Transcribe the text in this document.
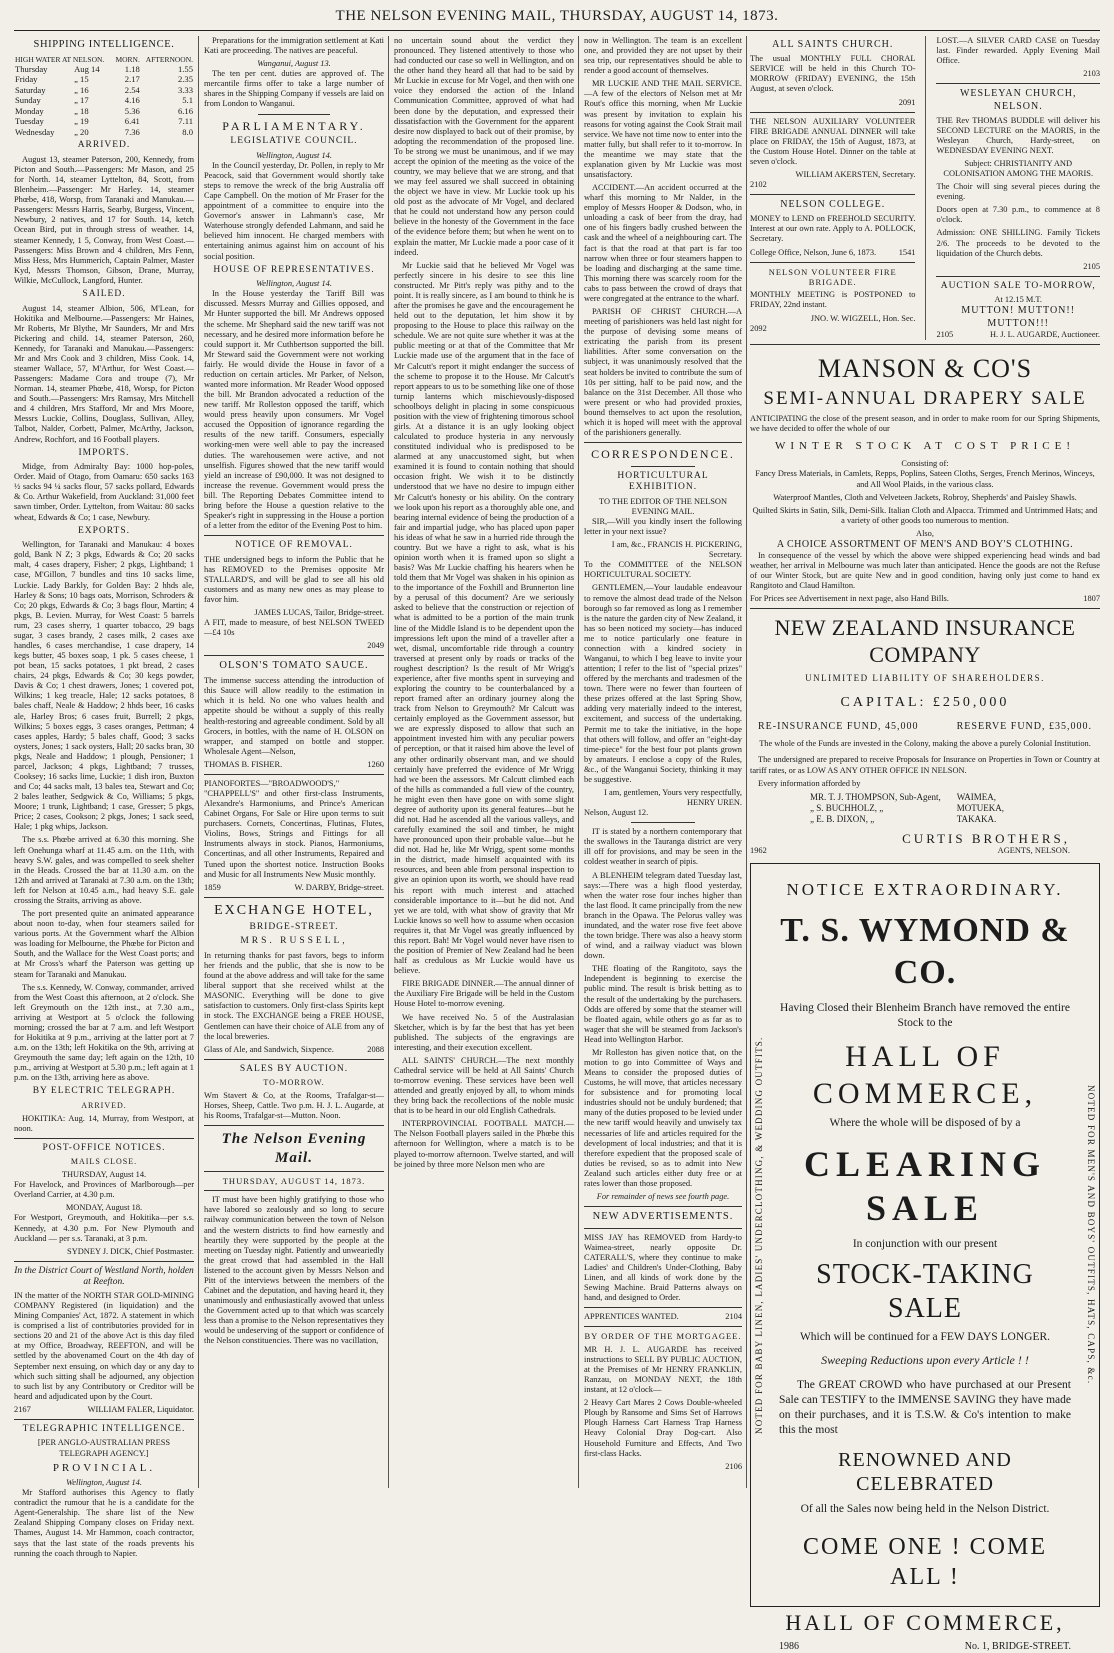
THE NELSON EVENING MAIL, THURSDAY, AUGUST 14, 1873.
SHIPPING INTELLIGENCE.
HIGH WATER AT NELSON.		MORN.	AFTERNOON.
Thursday	Aug 14	1.18	1.55
Friday	„ 15	2.17	2.35
Saturday	„ 16	2.54	3.33
Sunday	„ 17	4.16	5.1
Monday	„ 18	5.36	6.16
Tuesday	„ 19	6.41	7.11
Wednesday	„ 20	7.36	8.0
ARRIVED.

August 13, steamer Paterson, 200, Kennedy, from Picton and South.—Passengers: Mr Mason, and 25 for North. 14, steamer Lyttelton, 84, Scott, from Blenheim.—Passenger: Mr Harley. 14, steamer Phœbe, 418, Worsp, from Taranaki and Manukau.—Passengers: Messrs Harris, Searby, Burgess, Vincent, Newbury, 2 natives, and 17 for South. 14, ketch Ocean Bird, put in through stress of weather. 14, steamer Kennedy, 1 5, Conway, from West Coast.—Passengers: Miss Brown and 4 children, Mrs Fenn, Miss Hess, Mrs Hummerich, Captain Palmer, Master Kyd, Messrs Thomson, Gibson, Drane, Murray, Wilkie, McCullock, Langford, Hunter.

SAILED.

August 14, steamer Albion, 506, M'Lean, for Hokitika and Melbourne.—Passengers: Mr Haines, Mr Roberts, Mr Blythe, Mr Saunders, Mr and Mrs Pickering and child. 14, steamer Paterson, 260, Kennedy, for Taranaki and Manukau.—Passengers: Mr and Mrs Cook and 3 children, Miss Cook. 14, steamer Wallace, 57, M'Arthur, for West Coast.—Passengers: Madame Cora and troupe (7), Mr Norman. 14, steamer Phœbe, 418, Worsp, for Picton and South.—Passengers: Mrs Ramsay, Mrs Mitchell and 4 children, Mrs Stafford, Mr and Mrs Moore, Messrs Luckie, Collins, Douglass, Sullivan, Alley, Talbot, Nalder, Corbett, Palmer, McArthy, Jackson, Andrew, Rochfort, and 16 Football players.

IMPORTS.

Midge, from Admiralty Bay: 1000 hop-poles, Order. Maid of Otago, from Oamaru: 650 sacks 163 ½ sacks 94 ¼ sacks flour, 57 sacks pollard, Edwards & Co. Arthur Wakefield, from Auckland: 31,000 feet sawn timber, Order. Lyttelton, from Waitau: 80 sacks wheat, Edwards & Co; 1 case, Newbury.

EXPORTS.

Wellington, for Taranaki and Manukau: 4 boxes gold, Bank N Z; 3 pkgs, Edwards & Co; 20 sacks malt, 4 cases drapery, Fisher; 2 pkgs, Lightband; 1 case, M'Gillon, 7 bundles and tins 10 sacks lime, Luckie. Lady Barkly, for Golden Bay: 2 hhds ale, Harley & Sons; 10 bags oats, Morrison, Schroders & Co; 20 pkgs, Edwards & Co; 3 bags flour, Martin; 4 pkgs, B. Levien. Murray, for West Coast: 5 barrels rum, 23 cases sherry, 1 quarter tobacco, 29 bags sugar, 3 cases brandy, 2 cases milk, 2 cases axe handles, 6 cases merchandise, 1 case drapery, 14 kegs butter, 45 boxes soap, 1 pk. 5 cases cheese, 1 pot bean, 15 sacks potatoes, 1 pkt bread, 2 cases chairs, 24 pkgs, Edwards & Co; 30 kegs powder, Davis & Co; 1 chest drawers, Jones; 1 covered pot, Wilkins; 1 keg treacle, Hale; 12 sacks potatoes, 8 bales chaff, Neale & Haddow; 2 hhds beer, 16 casks ale, Harley Bros; 6 cases fruit, Burrell; 2 pkgs, Wilkins; 5 boxes eggs, 3 cases oranges, Pettman; 4 cases apples, Hardy; 5 bales chaff, Good; 3 sacks oysters, Jones; 1 sack oysters, Hall; 20 sacks bran, 30 pkgs, Neale and Haddow; 1 plough, Pensioner; 1 parcel, Jackson; 4 pkgs, Lightband; 7 trusses, Cooksey; 16 sacks lime, Luckie; 1 dish iron, Buxton and Co; 44 sacks malt, 13 bales tea, Stewart and Co; 2 bales leather, Sedgwick & Co, Williams; 5 pkgs, Moore; 1 trunk, Lightband; 1 case, Gresser; 5 pkgs, Price; 2 cases, Cookson; 2 pkgs, Jones; 1 sack seed, Hale; 1 pkg whips, Jackson.

The s.s. Phœbe arrived at 6.30 this morning. She left Onehunga wharf at 11.45 a.m. on the 11th, with heavy S.W. gales, and was compelled to seek shelter in the Heads. Crossed the bar at 11.30 a.m. on the 12th and arrived at Taranaki at 7.30 a.m. on the 13th; left for Nelson at 10.45 a.m., had heavy S.E. gale crossing the Straits, arriving as above.

The port presented quite an animated appearance about noon to-day, when four steamers sailed for various ports. At the Government wharf the Albion was loading for Melbourne, the Phœbe for Picton and South, and the Wallace for the West Coast ports; and at Mr Cross's wharf the Paterson was getting up steam for Taranaki and Manukau.

The s.s. Kennedy, W. Conway, commander, arrived from the West Coast this afternoon, at 2 o'clock. She left Greymouth on the 12th inst., at 7.30 a.m., arriving at Westport at 5 o'clock the following morning; crossed the bar at 7 a.m. and left Westport for Hokitika at 9 p.m., arriving at the latter port at 7 a.m. on the 13th; left Hokitika on the 9th, arriving at Greymouth the same day; left again on the 12th, 10 p.m., arriving at Westport at 5.30 p.m.; left again at 1 p.m. on the 13th, arriving here as above.

BY ELECTRIC TELEGRAPH.
ARRIVED.

HOKITIKA: Aug. 14, Murray, from Westport, at noon.

POST-OFFICE NOTICES.
MAILS CLOSE.
THURSDAY, August 14.

For Havelock, and Provinces of Marlborough—per Overland Carrier, at 4.30 p.m.

MONDAY, August 18.

For Westport, Greymouth, and Hokitika—per s.s. Kennedy, at 4.30 p.m. For New Plymouth and Auckland — per s.s. Taranaki, at 3 p.m.

SYDNEY J. DICK, Chief Postmaster.
In the District Court of Westland North, holden at Reefton.

IN the matter of the NORTH STAR GOLD-MINING COMPANY Registered (in liquidation) and the Mining Companies' Act, 1872. A statement in which is comprised a list of contributories provided for in sections 20 and 21 of the above Act is this day filed at my Office, Broadway, REEFTON, and will be settled by the abovenamed Court on the 4th day of September next ensuing, on which day or any day to which such sitting shall be adjourned, any objection to such list by any Contributory or Creditor will be heard and adjudicated upon by the Court.

2167	WILLIAM FALER, Liquidator.
TELEGRAPHIC INTELLIGENCE.
[PER ANGLO-AUSTRALIAN PRESS TELEGRAPH AGENCY.]
PROVINCIAL.
Wellington, August 14.

Mr Stafford authorises this Agency to flatly contradict the rumour that he is a candidate for the Agent-Generalship. The share list of the New Zealand Shipping Company closes on Friday next. Thames, August 14. Mr Hammon, coach contractor, says that the last state of the roads prevents his running the coach through to Napier.

Preparations for the immigration settlement at Kati Kati are proceeding. The natives are peaceful.

Wanganui, August 13.

The ten per cent. duties are approved of. The mercantile firms offer to take a large number of shares in the Shipping Company if vessels are laid on from London to Wanganui.

PARLIAMENTARY.
LEGISLATIVE COUNCIL.
Wellington, August 14.

In the Council yesterday, Dr. Pollen, in reply to Mr Peacock, said that Government would shortly take steps to remove the wreck of the brig Australia off Cape Campbell. On the motion of Mr Fraser for the appointment of a committee to enquire into the Governor's answer in Lahmann's case, Mr Waterhouse strongly defended Lahmann, and said he believed him innocent. He charged members with entertaining animus against him on account of his social position.

HOUSE OF REPRESENTATIVES.
Wellington, August 14.

In the House yesterday the Tariff Bill was discussed. Messrs Murray and Gillies opposed, and Mr Hunter supported the bill. Mr Andrews opposed the scheme. Mr Shephard said the new tariff was not necessary, and he desired more information before he could support it. Mr Cuthbertson supported the bill. Mr Steward said the Government were not working fairly. He would divide the House in favor of a reduction on certain articles. Mr Parker, of Nelson, wanted more information. Mr Reader Wood opposed the bill. Mr Brandon advocated a reduction of the new tariff. Mr Rolleston opposed the tariff, which would press heavily upon consumers. Mr Vogel accused the Opposition of ignorance regarding the results of the new tariff. Consumers, especially working-men were well able to pay the increased duties. The warehousemen were active, and not unselfish. Figures showed that the new tariff would yield an increase of £90,000. It was not designed to increase the revenue. Government would press the bill. The Reporting Debates Committee intend to bring before the House a question relative to the Speaker's right in suppressing in the House a portion of a letter from the editor of the Evening Post to him.

NOTICE OF REMOVAL.

THE undersigned begs to inform the Public that he has REMOVED to the Premises opposite Mr STALLARD'S, and will be glad to see all his old customers and as many new ones as may please to favor him.

JAMES LUCAS, Tailor, Bridge-street.

A FIT, made to measure, of best NELSON TWEED—£4 10s

2049
OLSON'S TOMATO SAUCE.

The immense success attending the introduction of this Sauce will allow readily to the estimation in which it is held. No one who values health and appetite should be without a supply of this really health-restoring and agreeable condiment. Sold by all Grocers, in bottles, with the name of H. OLSON on wrapper, and stamped on bottle and stopper. Wholesale Agent—Nelson,

THOMAS B. FISHER.	1260

PIANOFORTES—"BROADWOOD'S," "CHAPPELL'S" and other first-class Instruments, Alexandre's Harmoniums, and Prince's American Cabinet Organs, For Sale or Hire upon terms to suit purchasers. Cornets, Concertinas, Flutinas, Flutes, Violins, Bows, Strings and Fittings for all Instruments always in stock. Pianos, Harmoniums, Concertinas, and all other Instruments, Repaired and Tuned upon the shortest notice. Instruction Books and Music for all Instruments New Music monthly.

1859	W. DARBY, Bridge-street.
EXCHANGE HOTEL,
BRIDGE-STREET.
MRS. RUSSELL,

In returning thanks for past favors, begs to inform her friends and the public, that she is now to be found at the above address and will take for the same liberal support that she received whilst at the MASONIC. Everything will be done to give satisfaction to customers. Only first-class Spirits kept in stock. The EXCHANGE being a FREE HOUSE, Gentlemen can have their choice of ALE from any of the local breweries.

Glass of Ale, and Sandwich, Sixpence.	2088
SALES BY AUCTION.
TO-MORROW.

Wm Stavert & Co, at the Rooms, Trafalgar-st—Horses, Sheep, Cattle. Two p.m. H. J. L. Augarde, at his Rooms, Trafalgar-st—Mutton. Noon.

The Nelson Evening Mail.
THURSDAY, AUGUST 14, 1873.

IT must have been highly gratifying to those who have labored so zealously and so long to secure railway communication between the town of Nelson and the western districts to find how earnestly and heartily they were supported by the people at the meeting on Tuesday night. Patiently and unweariedly the great crowd that had assembled in the Hall listened to the account given by Messrs Nelson and Pitt of the interviews between the members of the Cabinet and the deputation, and having heard it, they unanimously and enthusiastically avowed that unless the Government acted up to that which was scarcely less than a promise to the Nelson representatives they would be undeserving of the support or confidence of the Nelson constituencies. There was no vacillation,

no uncertain sound about the verdict they pronounced. They listened attentively to those who had conducted our case so well in Wellington, and on the other hand they heard all that had to be said by Mr Luckie in excuse for Mr Vogel, and then with one voice they endorsed the action of the Inland Communication Committee, approved of what had been done by the deputation, and expressed their dissatisfaction with the Government for the apparent desire now displayed to back out of their promise, by adopting the recommendation of the proposed line. To be strong we must be unanimous, and if we may accept the opinion of the meeting as the voice of the country, we may believe that we are strong, and that we may feel assured we shall succeed in obtaining the object we have in view. Mr Luckie took up his old post as the advocate of Mr Vogel, and declared that he could not understand how any person could believe in the honesty of the Government in the face of the evidence before them; but when he went on to explain the matter, Mr Luckie made a poor case of it indeed.

Mr Luckie said that he believed Mr Vogel was perfectly sincere in his desire to see this line constructed. Mr Pitt's reply was pithy and to the point. It is really sincere, as I am bound to think he is after the promises he gave and the encouragement he held out to the deputation, let him show it by proposing to the House to place this railway on the schedule. We are not quite sure whether it was at the public meeting or at that of the Committee that Mr Luckie made use of the argument that in the face of Mr Calcutt's report it might endanger the success of the scheme to propose it to the House. Mr Calcutt's report appears to us to be something like one of those turnip lanterns which mischievously-disposed schoolboys delight in placing in some conspicuous position with the view of frightening timorous school girls. At a distance it is an ugly looking object calculated to produce hysteria in any nervously constituted individual who is predisposed to be alarmed at any unaccustomed sight, but when examined it is found to contain nothing that should occasion fright. We wish it to be distinctly understood that we have no desire to impugn either Mr Calcutt's honesty or his ability. On the contrary we look upon his report as a thoroughly able one, and bearing internal evidence of being the production of a fair and impartial judge, who has placed upon paper his ideas of what he saw in a hurried ride through the country. But we have a right to ask, what is his opinion worth when it is framed upon so slight a basis? Was Mr Luckie chaffing his hearers when he told them that Mr Vogel was shaken in his opinion as to the importance of the Foxhill and Brunnerton line by a perusal of this document? Are we seriously asked to believe that the construction or rejection of what is admitted to be a portion of the main trunk line of the Middle Island is to be dependent upon the impressions left upon the mind of a traveller after a wet, dismal, uncomfortable ride through a country traversed at present only by roads or tracks of the roughest description? Is the result of Mr Wrigg's experience, after five months spent in surveying and exploring the country to be counterbalanced by a report framed after an ordinary journey along the track from Nelson to Greymouth? Mr Calcutt was certainly employed as the Government assessor, but we are expressly disposed to allow that such an appointment invested him with any peculiar powers of perception, or that it raised him above the level of any other ordinarily observant man, and we should certainly have preferred the evidence of Mr Wrigg had we been the assessors. Mr Calcutt climbed each of the hills as commanded a full view of the country, he might even then have gone on with some slight degree of authority upon its general features—but he did not. Had he ascended all the various valleys, and carefully examined the soil and timber, he might have pronounced upon their probable value—but he did not. Had he, like Mr Wrigg, spent some months in the district, made himself acquainted with its resources, and been able from personal inspection to give an opinion upon its worth, we should have read his report with much interest and attached considerable importance to it—but he did not. And yet we are told, with what show of gravity that Mr Luckie knows so well how to assume when occasion requires it, that Mr Vogel was greatly influenced by this report. Bah! Mr Vogel would never have risen to the position of Premier of New Zealand had he been half as credulous as Mr Luckie would have us believe.

FIRE BRIGADE DINNER.—The annual dinner of the Auxiliary Fire Brigade will be held in the Custom House Hotel to-morrow evening.

We have received No. 5 of the Australasian Sketcher, which is by far the best that has yet been published. The subjects of the engravings are interesting, and their execution excellent.

ALL SAINTS' CHURCH.—The next monthly Cathedral service will be held at All Saints' Church to-morrow evening. These services have been well attended and greatly enjoyed by all, to whom minds they bring back the recollections of the noble music that is to be heard in our old English Cathedrals.

INTERPROVINCIAL FOOTBALL MATCH.—The Nelson Football players sailed in the Phœbe this afternoon for Wellington, where a match is to be played to-morrow afternoon. Twelve started, and will be joined by three more Nelson men who are

now in Wellington. The team is an excellent one, and provided they are not upset by their sea trip, our representatives should be able to render a good account of themselves.

MR LUCKIE AND THE MAIL SERVICE.—A few of the electors of Nelson met at Mr Rout's office this morning, when Mr Luckie was present by invitation to explain his reasons for voting against the Cook Strait mail service. We have not time now to enter into the matter fully, but shall refer to it to-morrow. In the meantime we may state that the explanation given by Mr Luckie was most unsatisfactory.

ACCIDENT.—An accident occurred at the wharf this morning to Mr Nalder, in the employ of Messrs Hooper & Dodson, who, in unloading a cask of beer from the dray, had one of his fingers badly crushed between the cask and the wheel of a neighbouring cart. The fact is that the road at that part is far too narrow when three or four steamers happen to be loading and discharging at the same time. This morning there was scarcely room for the cabs to pass between the crowd of drays that were congregated at the entrance to the wharf.

PARISH OF CHRIST CHURCH.—A meeting of parishioners was held last night for the purpose of devising some means of extricating the parish from its present liabilities. After some conversation on the subject, it was unanimously resolved that the seat holders be invited to contribute the sum of 10s per sitting, half to be paid now, and the balance on the 31st December. All those who were present or who had provided proxies, bound themselves to act upon the resolution, which it is hoped will meet with the approval of the parishioners generally.

CORRESPONDENCE.
HORTICULTURAL EXHIBITION.
TO THE EDITOR OF THE NELSON EVENING MAIL.

SIR,—Will you kindly insert the following letter in your next issue?

I am, &c., FRANCIS H. PICKERING, Secretary.

To the COMMITTEE of the NELSON HORTICULTURAL SOCIETY.

GENTLEMEN,—Your laudable endeavour to remove the almost dead trade of the Nelson borough so far removed as long as I remember is the nature the garden city of New Zealand, it has so been noticed my society—has induced me to notice particularly one feature in connection with a kindred society in Wanganui, to which I beg leave to invite your attention; I refer to the list of "special prizes" offered by the merchants and tradesmen of the town. There were no fewer than fourteen of these prizes offered at the last Spring Show, adding very materially indeed to the interest, excitement, and success of the undertaking. Permit me to take the initiative, in the hope that others will follow, and offer an "eight-day time-piece" for the best four pot plants grown by amateurs. I enclose a copy of the Rules, &c., of the Wanganui Society, thinking it may be suggestive.

I am, gentlemen, Yours very respectfully, HENRY UREN.

Nelson, August 12.

IT is stated by a northern contemporary that the swallows in the Tauranga district are very ill off for provisions, and may be seen in the coldest weather in search of pipis.

A BLENHEIM telegram dated Tuesday last, says:—There was a high flood yesterday, when the water rose four inches higher than the last flood. It came principally from the new branch in the Opawa. The Pelorus valley was inundated, and the water rose five feet above the town bridge. There was also a heavy storm of wind, and a railway viaduct was blown down.

THE floating of the Rangitoto, says the Independent is beginning to exercise the public mind. The result is brisk betting as to the result of the undertaking by the purchasers. Odds are offered by some that the steamer will be floated again, while others go as far as to wager that she will be steamed from Jackson's Head into Wellington Harbor.

Mr Rolleston has given notice that, on the motion to go into Committee of Ways and Means to consider the proposed duties of Customs, he will move, that articles necessary for subsistence and for promoting local industries should not be unduly burdened; that many of the duties proposed to be levied under the new tariff would heavily and unwisely tax necessaries of life and articles required for the development of local industries; and that it is therefore expedient that the proposed scale of duties be revised, so as to admit into New Zealand such articles either duty free or at rates lower than those proposed.

For remainder of news see fourth page.
NEW ADVERTISEMENTS.

MISS JAY has REMOVED from Hardy-to Waimea-street, nearly opposite Dr. CATERALL'S, where they continue to make Ladies' and Children's Under-Clothing, Baby Linen, and all kinds of work done by the Sewing Machine. Braid Patterns always on hand, and designed to Order.

APPRENTICES WANTED.	2104
BY ORDER OF THE MORTGAGEE.

MR H. J. L. AUGARDE has received instructions to SELL BY PUBLIC AUCTION, at the Premises of Mr HENRY FRANKLIN, Ranzau, on MONDAY NEXT, the 18th instant, at 12 o'clock—

2 Heavy Cart Mares 2 Cows Double-wheeled Plough by Ransome and Sims Set of Harrows Plough Harness Cart Harness Trap Harness Heavy Colonial Dray Dog-cart. Also Household Furniture and Effects, And Two first-class Hacks.

2106
ALL SAINTS CHURCH.

The usual MONTHLY FULL CHORAL SERVICE will be held in this Church TO-MORROW (FRIDAY) EVENING, the 15th August, at seven o'clock.

2091

THE NELSON AUXILIARY VOLUNTEER FIRE BRIGADE ANNUAL DINNER will take place on FRIDAY, the 15th of August, 1873, at the Custom House Hotel. Dinner on the table at seven o'clock.

WILLIAM AKERSTEN, Secretary.
2102
NELSON COLLEGE.

MONEY to LEND on FREEHOLD SECURITY. Interest at our own rate. Apply to A. POLLOCK, Secretary.

College Office, Nelson, June 6, 1873.	1541
NELSON VOLUNTEER FIRE BRIGADE.

MONTHLY MEETING is POSTPONED to FRIDAY, 22nd instant.

JNO. W. WIGZELL, Hon. Sec.
2092

LOST.—A SILVER CARD CASE on Tuesday last. Finder rewarded. Apply Evening Mail Office.

2103
WESLEYAN CHURCH, NELSON.

THE Rev THOMAS BUDDLE will deliver his SECOND LECTURE on the MAORIS, in the Wesleyan Church, Hardy-street, on WEDNESDAY EVENING NEXT.

Subject: CHRISTIANITY AND COLONISATION AMONG THE MAORIS.

The Choir will sing several pieces during the evening.

Doors open at 7.30 p.m., to commence at 8 o'clock.

Admission: ONE SHILLING. Family Tickets 2/6. The proceeds to be devoted to the liquidation of the Church debts.

2105
AUCTION SALE TO-MORROW,
At 12.15 M.T.
MUTTON! MUTTON!! MUTTON!!!
2105	H. J. L. AUGARDE, Auctioneer.
MANSON & CO'S
SEMI-ANNUAL DRAPERY SALE

ANTICIPATING the close of the present season, and in order to make room for our Spring Shipments, we have decided to offer the whole of our

WINTER STOCK AT COST PRICE!
Consisting of:

Fancy Dress Materials, in Camlets, Repps, Poplins, Sateen Cloths, Serges, French Merinos, Winceys, and All Wool Plaids, in the various class.

Waterproof Mantles, Cloth and Velveteen Jackets, Robroy, Shepherds' and Paisley Shawls.

Quilted Skirts in Satin, Silk, Demi-Silk. Italian Cloth and Alpacca. Trimmed and Untrimmed Hats; and a variety of other goods too numerous to mention.

Also,
A CHOICE ASSORTMENT OF MEN'S AND BOY'S CLOTHING.

In consequence of the vessel by which the above were shipped experiencing head winds and bad weather, her arrival in Melbourne was much later than anticipated. Hence the goods are not the Refuse of our Winter Stock, but are quite New and in good condition, having only just come to hand ex Rangitoto and Claud Hamilton.

For Prices see Advertisement in next page, also Hand Bills.	1807
NEW ZEALAND INSURANCE COMPANY
UNLIMITED LIABILITY OF SHAREHOLDERS.
CAPITAL: £250,000
RE-INSURANCE FUND, 45,000	RESERVE FUND, £35,000.

The whole of the Funds are invested in the Colony, making the above a purely Colonial Institution.

The undersigned are prepared to receive Proposals for Insurance on Properties in Town or Country at tariff rates, or as LOW AS ANY OTHER OFFICE IN NELSON.

Every information afforded by

MR. T. J. THOMPSON, Sub-Agent,	WAIMEA,
„ S. BUCHHOLZ, „	MOTUEKA,
„ E. B. DIXON, „	TAKAKA.
CURTIS BROTHERS,
1962	AGENTS, NELSON.
NOTED FOR BABY LINEN, LADIES' UNDERCLOTHING, & WEDDING OUTFITS.	NOTED FOR MEN'S AND BOYS' OUTFITS, HATS, CAPS, &c.
NOTICE EXTRAORDINARY.
T. S. WYMOND & CO.
Having Closed their Blenheim Branch have removed the entire Stock to the
HALL OF COMMERCE,
Where the whole will be disposed of by a
CLEARING SALE
In conjunction with our present
STOCK-TAKING SALE
Which will be continued for a FEW DAYS LONGER.
Sweeping Reductions upon every Article ! !

The GREAT CROWD who have purchased at our Present Sale can TESTIFY to the IMMENSE SAVING they have made on their purchases, and it is T.S.W. & Co's intention to make this the most

RENOWNED AND CELEBRATED
Of all the Sales now being held in the Nelson District.
COME ONE ! COME ALL !
HALL OF COMMERCE,
1986	No. 1, BRIDGE-STREET.
